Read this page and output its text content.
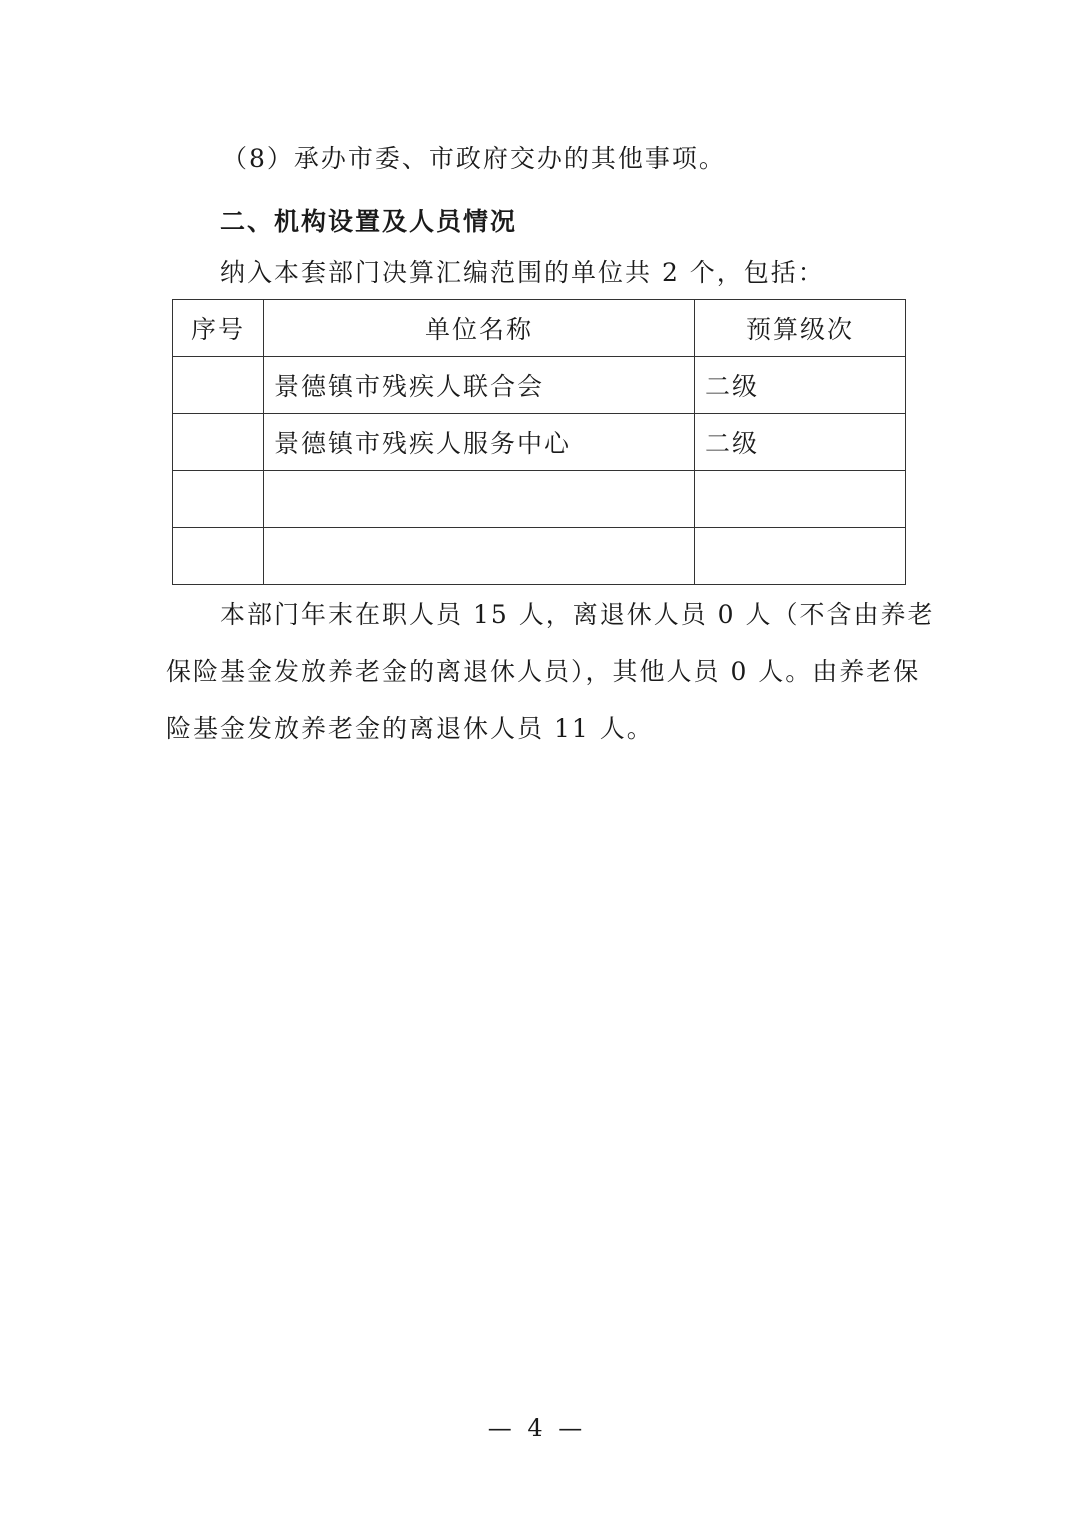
（8）承办市委、市政府交办的其他事项。

二、机构设置及人员情况

纳入本套部门决算汇编范围的单位共 2 个，包括：

序号	单位名称	预算级次
	景德镇市残疾人联合会	二级
	景德镇市残疾人服务中心	二级

本部门年末在职人员 15 人，离退休人员 0 人（不含由养老

保险基金发放养老金的离退休人员），其他人员 0 人。由养老保

险基金发放养老金的离退休人员 11 人。

— 4 —
